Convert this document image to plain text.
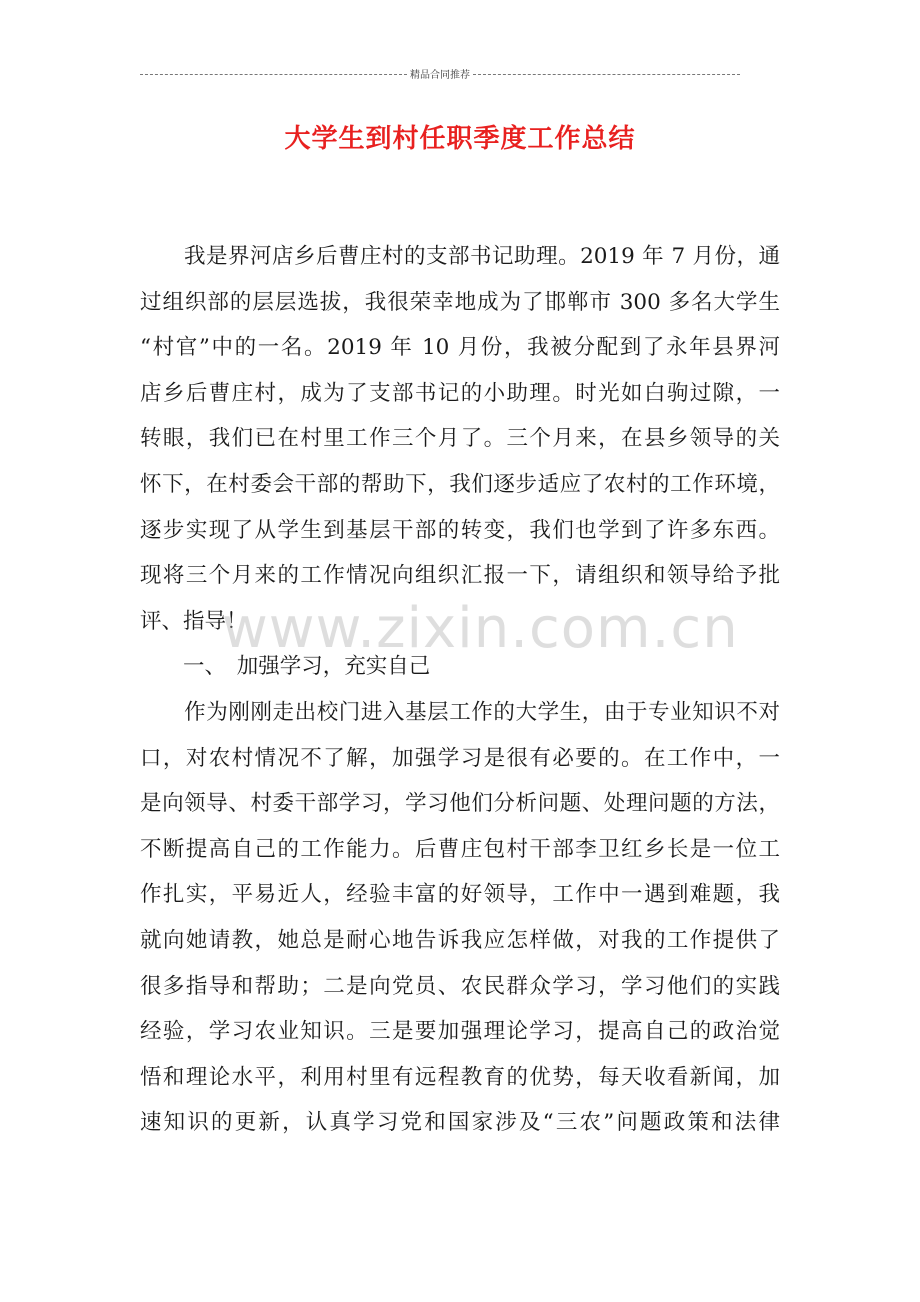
精品合同推荐
大学生到村任职季度工作总结
　　我是界河店乡后曹庄村的支部书记助理。2019 年 7 月份，通
过组织部的层层选拔，我很荣幸地成为了邯郸市 300 多名大学生
“村官”中的一名。2019 年 10 月份，我被分配到了永年县界河
店乡后曹庄村，成为了支部书记的小助理。时光如白驹过隙，一
转眼，我们已在村里工作三个月了。三个月来，在县乡领导的关
怀下，在村委会干部的帮助下，我们逐步适应了农村的工作环境，
逐步实现了从学生到基层干部的转变，我们也学到了许多东西。
现将三个月来的工作情况向组织汇报一下，请组织和领导给予批
评、指导！
　　一、　加强学习，充实自己
　　作为刚刚走出校门进入基层工作的大学生，由于专业知识不对
口，对农村情况不了解，加强学习是很有必要的。在工作中，一
是向领导、村委干部学习，学习他们分析问题、处理问题的方法，
不断提高自己的工作能力。后曹庄包村干部李卫红乡长是一位工
作扎实，平易近人，经验丰富的好领导，工作中一遇到难题，我
就向她请教，她总是耐心地告诉我应怎样做，对我的工作提供了
很多指导和帮助；二是向党员、农民群众学习，学习他们的实践
经验，学习农业知识。三是要加强理论学习，提高自己的政治觉
悟和理论水平，利用村里有远程教育的优势，每天收看新闻，加
速知识的更新，认真学习党和国家涉及“三农”问题政策和法律
www.zixin.com.cn
